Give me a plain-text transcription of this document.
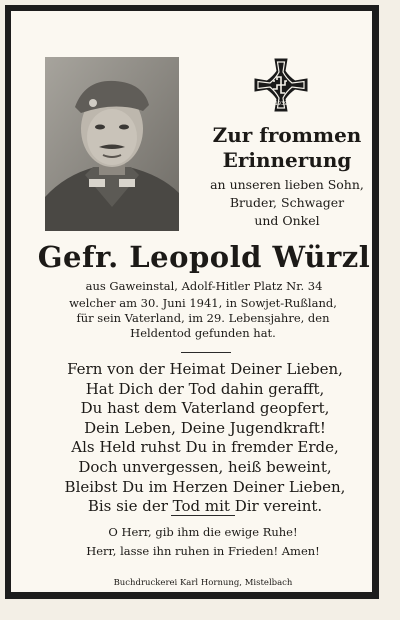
1939
Zur frommen
Erinnerung
an unseren lieben Sohn,
Bruder, Schwager
und Onkel
Gefr. Leopold Würzl
aus Gaweinstal, Adolf-Hitler Platz Nr. 34
welcher am 30. Juni 1941, in Sowjet-Rußland,
für sein Vaterland, im 29. Lebensjahre, den
Heldentod gefunden hat.
Fern von der Heimat Deiner Lieben,
Hat Dich der Tod dahin gerafft,
Du hast dem Vaterland geopfert,
Dein Leben, Deine Jugendkraft!
Als Held ruhst Du in fremder Erde,
Doch unvergessen, heiß beweint,
Bleibst Du im Herzen Deiner Lieben,
Bis sie der Tod mit Dir vereint.
O Herr, gib ihm die ewige Ruhe!
Herr, lasse ihn ruhen in Frieden! Amen!
Buchdruckerei Karl Hornung, Mistelbach
